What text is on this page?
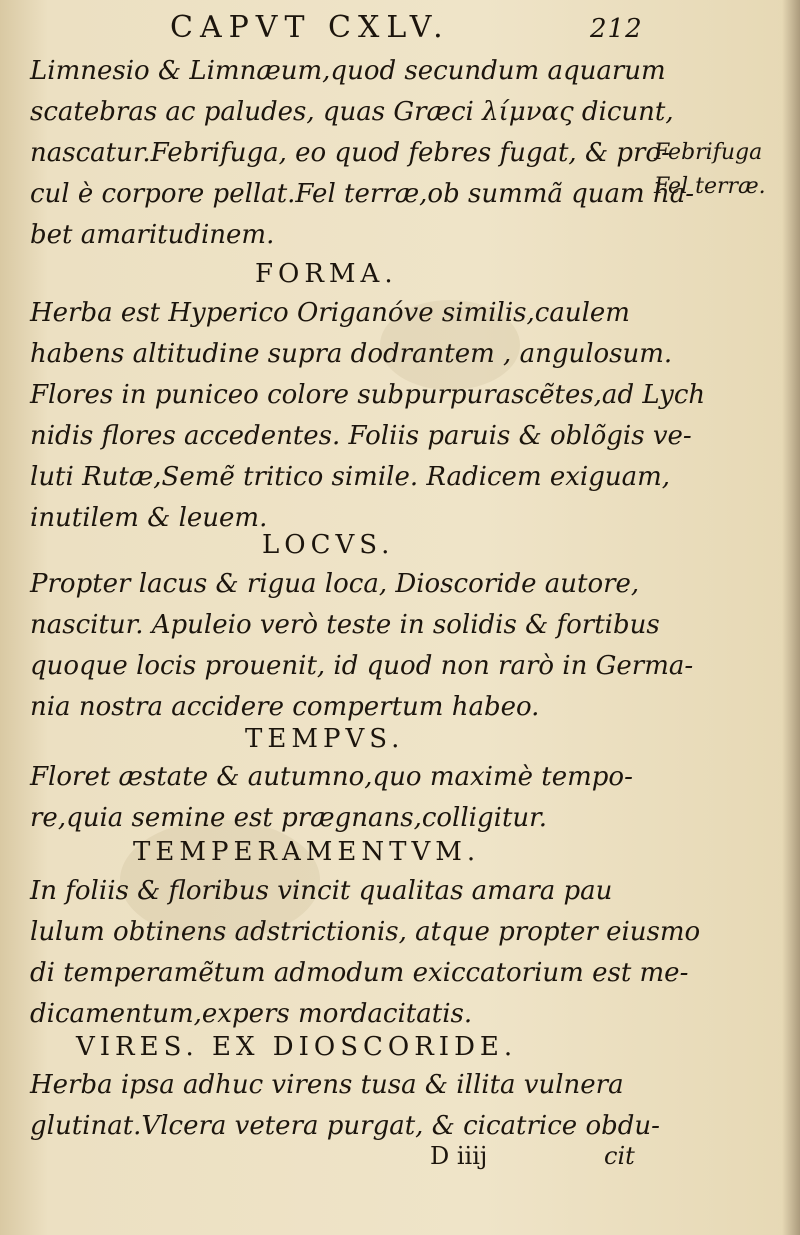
CAPVT CXLV.	212
Limnesio & Limnæum,quod secundum aquarum
scatebras ac paludes, quas Græci λίμνας dicunt,
nascatur.Febrifuga, eo quod febres fugat, & pro-
cul è corpore pellat.Fel terræ,ob summã quam ha-
bet amaritudinem.
Febrifuga
Fel terræ.
FORMA.
Herba est Hyperico Origanóve similis,caulem
habens altitudine supra dodrantem , angulosum.
Flores in puniceo colore subpurpurascẽtes,ad Lych
nidis flores accedentes. Foliis paruis & oblõgis ve-
luti Rutæ,Semẽ tritico simile. Radicem exiguam,
inutilem & leuem.
LOCVS.
Propter lacus & rigua loca, Dioscoride autore,
nascitur. Apuleio verò teste in solidis & fortibus
quoque locis prouenit, id quod non rarò in Germa-
nia nostra accidere compertum habeo.
TEMPVS.
Floret æstate & autumno,quo maximè tempo-
re,quia semine est prægnans,colligitur.
TEMPERAMENTVM.
In foliis & floribus vincit qualitas amara pau
lulum obtinens adstrictionis, atque propter eiusmo
di temperamẽtum admodum exiccatorium est me-
dicamentum,expers mordacitatis.
VIRES. EX DIOSCORIDE.
Herba ipsa adhuc virens tusa & illita vulnera
glutinat.Vlcera vetera purgat, & cicatrice obdu-
D iiij	cit
